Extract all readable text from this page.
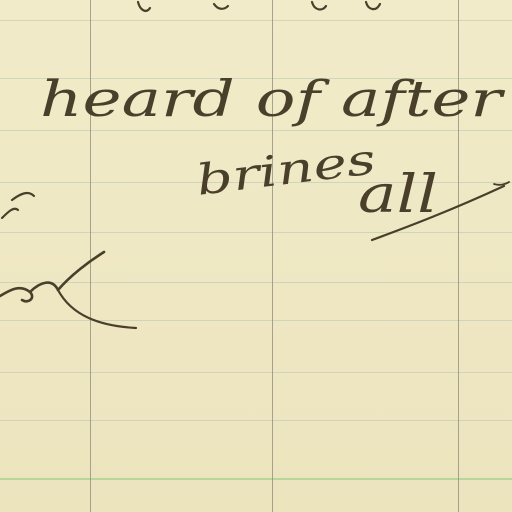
heard of after
brines all
